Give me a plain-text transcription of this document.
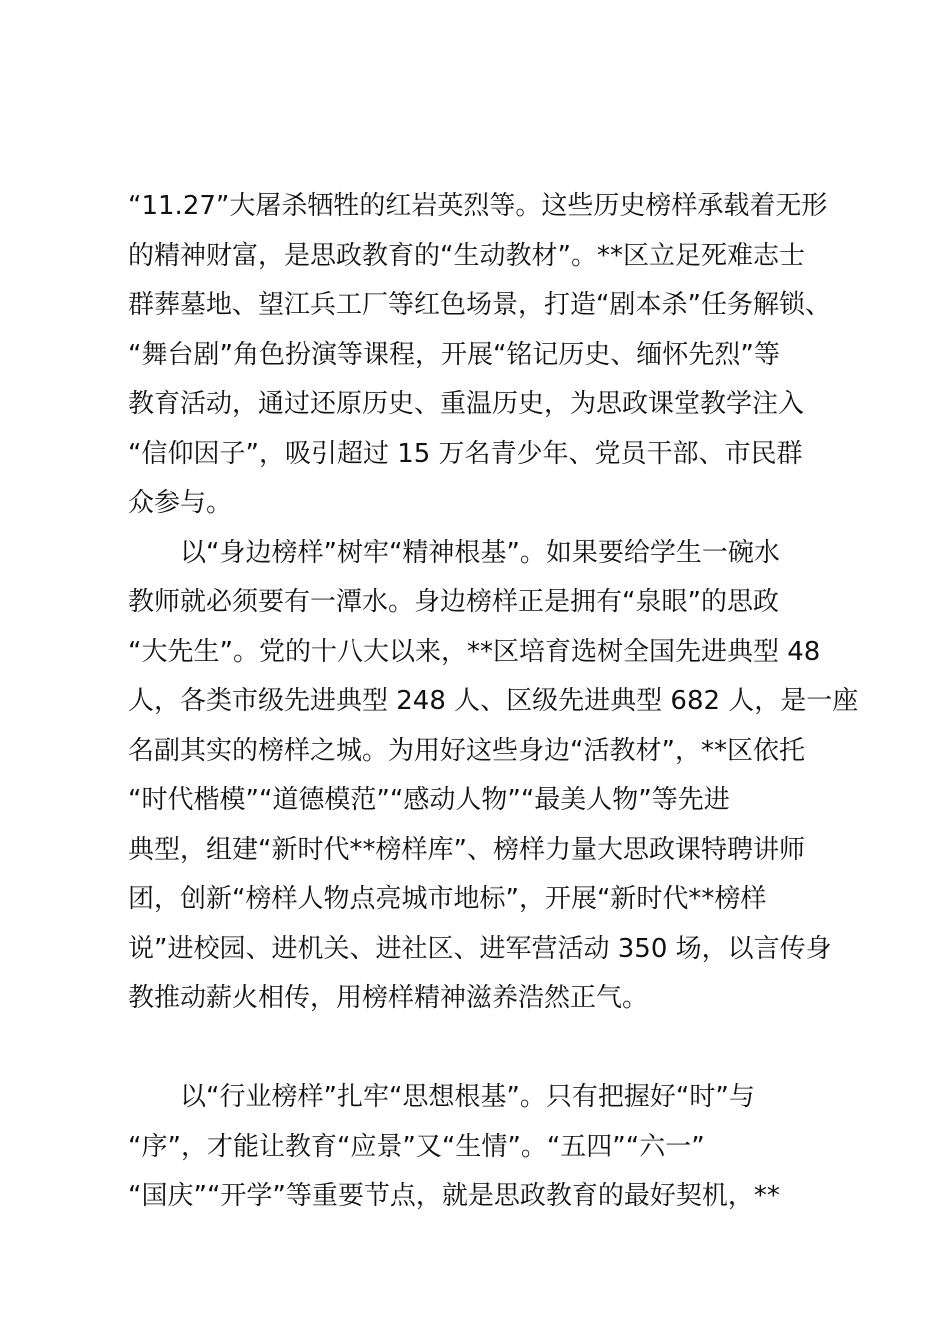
“11.27”大屠杀牺牲的红岩英烈等。这些历史榜样承载着无形
的精神财富，是思政教育的“生动教材”。**区立足死难志士
群葬墓地、望江兵工厂等红色场景，打造“剧本杀”任务解锁、
“舞台剧”角色扮演等课程，开展“铭记历史、缅怀先烈”等
教育活动，通过还原历史、重温历史，为思政课堂教学注入
“信仰因子”，吸引超过 15 万名青少年、党员干部、市民群
众参与。
以“身边榜样”树牢“精神根基”。如果要给学生一碗水
教师就必须要有一潭水。身边榜样正是拥有“泉眼”的思政
“大先生”。党的十八大以来，**区培育选树全国先进典型 48
人，各类市级先进典型 248 人、区级先进典型 682 人，是一座
名副其实的榜样之城。为用好这些身边“活教材”，**区依托
“时代楷模”“道德模范”“感动人物”“最美人物”等先进
典型，组建“新时代**榜样库”、榜样力量大思政课特聘讲师
团，创新“榜样人物点亮城市地标”，开展“新时代**榜样
说”进校园、进机关、进社区、进军营活动 350 场，以言传身
教推动薪火相传，用榜样精神滋养浩然正气。
以“行业榜样”扎牢“思想根基”。只有把握好“时”与
“序”，才能让教育“应景”又“生情”。“五四”“六一”
“国庆”“开学”等重要节点，就是思政教育的最好契机，**
